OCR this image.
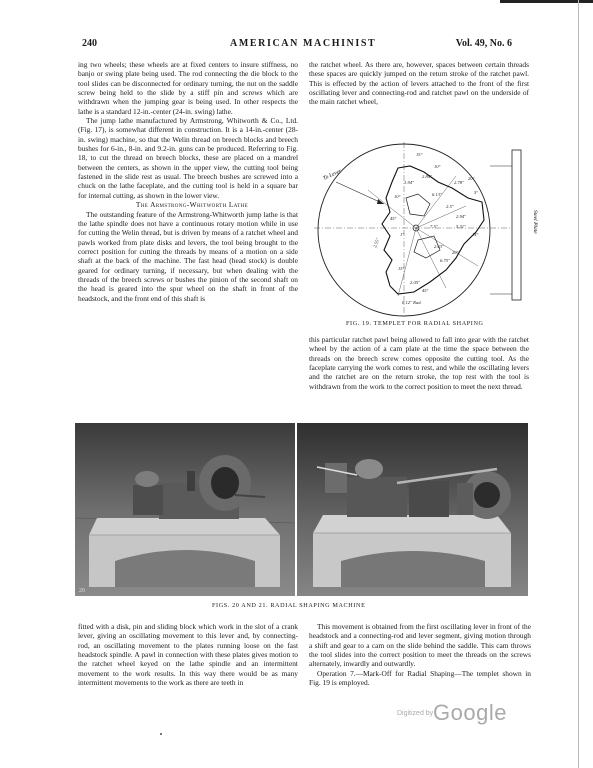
240	AMERICAN MACHINIST	Vol. 49, No. 6

ing two wheels; these wheels are at fixed centers to insure stiffness, no banjo or swing plate being used. The rod connecting the die block to the tool slides can be disconnected for ordinary turning, the nut on the saddle screw being held to the slide by a stiff pin and screws which are withdrawn when the jumping gear is being used. In other respects the lathe is a standard 12-in.-center (24-in. swing) lathe.

The jump lathe manufactured by Armstrong, Whitworth & Co., Ltd. (Fig. 17), is somewhat different in construction. It is a 14-in.-center (28-in. swing) machine, so that the Welin thread on breech blocks and breech bushes for 6-in., 8-in. and 9.2-in. guns can be produced. Referring to Fig. 18, to cut the thread on breech blocks, these are placed on a mandrel between the centers, as shown in the upper view, the cutting tool being fastened in the slide rest as usual. The breech bushes are screwed into a chuck on the lathe faceplate, and the cutting tool is held in a square bar for internal cutting, as shown in the lower view.

The Armstrong-Whitworth Lathe

The outstanding feature of the Armstrong-Whitworth jump lathe is that the lathe spindle does not have a continuous rotary motion while in use for cutting the Welin thread, but is driven by means of a ratchet wheel and pawls worked from plate disks and levers, the tool being brought to the correct position for cutting the threads by means of a motion on a side shaft at the back of the machine. The fast head (head stock) is double geared for ordinary turning, if necessary, but when dealing with the threads of the breech screws or bushes the pinion of the second shaft on the head is geared into the spur wheel on the shaft in front of the headstock, and the front end of this shaft is

the ratchet wheel. As there are, however, spaces between certain threads these spaces are quickly jumped on the return stroke of the ratchet pawl. This is effected by the action of levers attached to the front of the first oscillating lever and connecting-rod and ratchet pawl on the underside of the main ratchet wheel,

Steel Plate
To Lever
15°
10°
2.84"
3.94"	2.78"
20°
5°
6.13"
2.5"
2.94"
5.31"
10°
14°
7.5"
45°
1"
2.55"	2.63"
6.75"
20°
15°
2.05"
45°
6.12" Rad.
FIG. 19. TEMPLET FOR RADIAL SHAPING

this particular ratchet pawl being allowed to fall into gear with the ratchet wheel by the action of a cam plate at the time the space between the threads on the breech screw comes opposite the cutting tool. As the faceplate carrying the work comes to rest, and while the oscillating levers and the ratchet are on the return stroke, the top rest with the tool is withdrawn from the work to the correct position to meet the next thread.

20
FIGS. 20 AND 21. RADIAL SHAPING MACHINE

fitted with a disk, pin and sliding block which work in the slot of a crank lever, giving an oscillating movement to this lever and, by connecting-rod, an oscillating movement to the plates running loose on the fast headstock spindle. A pawl in connection with these plates gives motion to the ratchet wheel keyed on the lathe spindle and an intermittent movement to the work results. In this way there would be as many intermittent movements to the work as there are teeth in

This movement is obtained from the first oscillating lever in front of the headstock and a connecting-rod and lever segment, giving motion through a shift and gear to a cam on the slide behind the saddle. This cam throws the tool slides into the correct position to meet the threads on the screws alternately, inwardly and outwardly.

Operation 7.—Mark-Off for Radial Shaping—The templet shown in Fig. 19 is employed.

Digitized by Google
